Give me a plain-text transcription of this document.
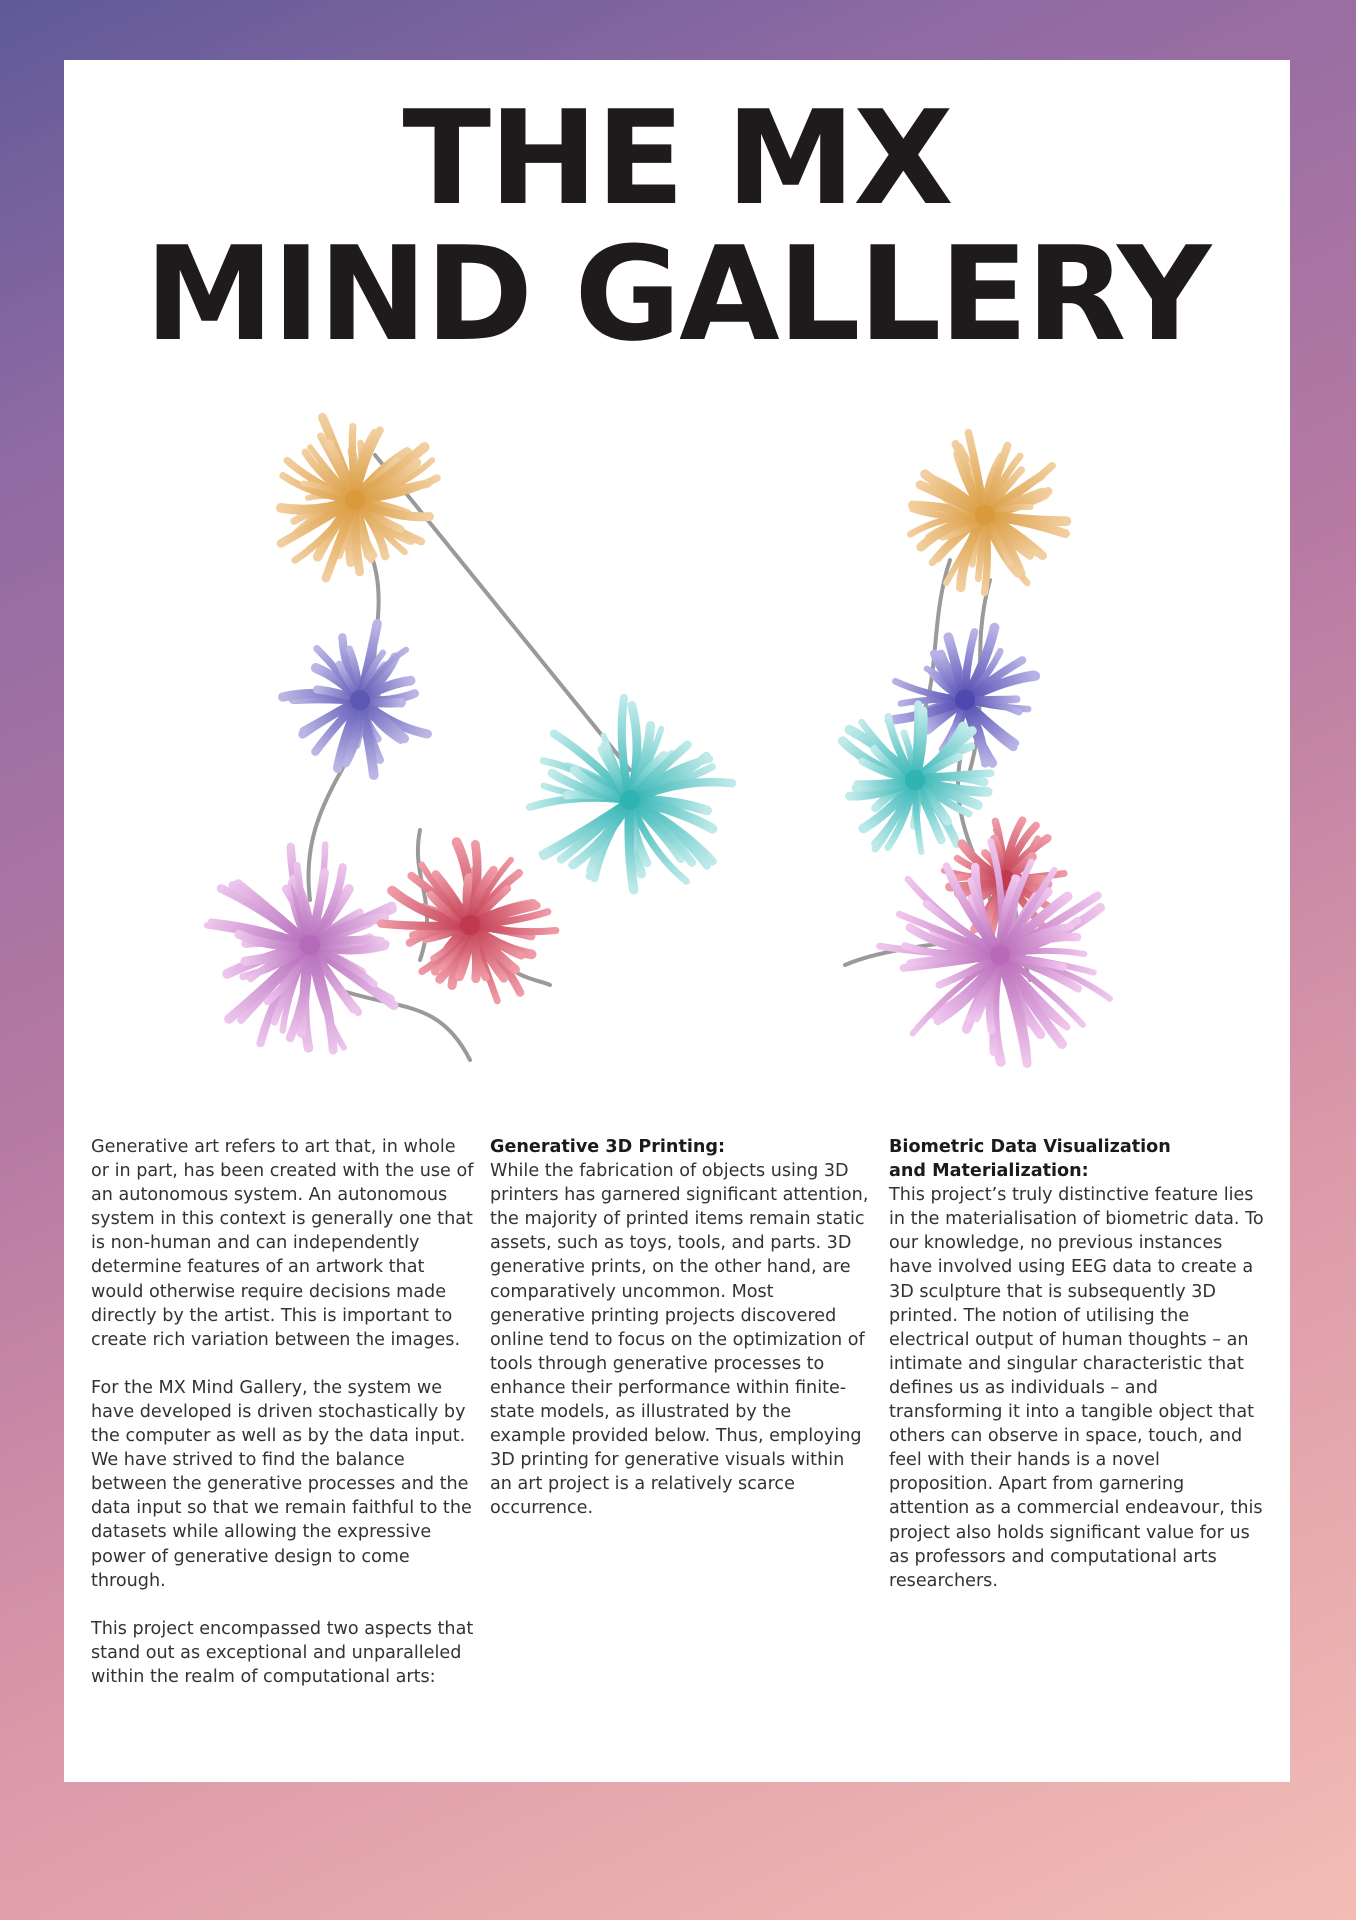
THE MX
MIND GALLERY

Generative art refers to art that, in whole or in part, has been created with the use of an autonomous system. An autonomous system in this context is generally one that is non-human and can independently determine features of an artwork that would otherwise require decisions made directly by the artist. This is important to create rich variation between the images.

For the MX Mind Gallery, the system we have developed is driven stochastically by the computer as well as by the data input. We have strived to find the balance between the generative processes and the data input so that we remain faithful to the datasets while allowing the expressive power of generative design to come through.

This project encompassed two aspects that stand out as exceptional and unparalleled within the realm of computational arts:

Generative 3D Printing:

While the fabrication of objects using 3D printers has garnered significant attention, the majority of printed items remain static assets, such as toys, tools, and parts. 3D generative prints, on the other hand, are comparatively uncommon. Most generative printing projects discovered online tend to focus on the optimization of tools through generative processes to enhance their performance within finite-state models, as illustrated by the example provided below. Thus, employing 3D printing for generative visuals within an art project is a relatively scarce occurrence.

Biometric Data Visualization
and Materialization:

This project’s truly distinctive feature lies in the materialisation of biometric data. To our knowledge, no previous instances have involved using EEG data to create a 3D sculpture that is subsequently 3D printed. The notion of utilising the electrical output of human thoughts – an intimate and singular characteristic that defines us as individuals – and transforming it into a tangible object that others can observe in space, touch, and feel with their hands is a novel proposition. Apart from garnering attention as a commercial endeavour, this project also holds significant value for us as professors and computational arts researchers.
